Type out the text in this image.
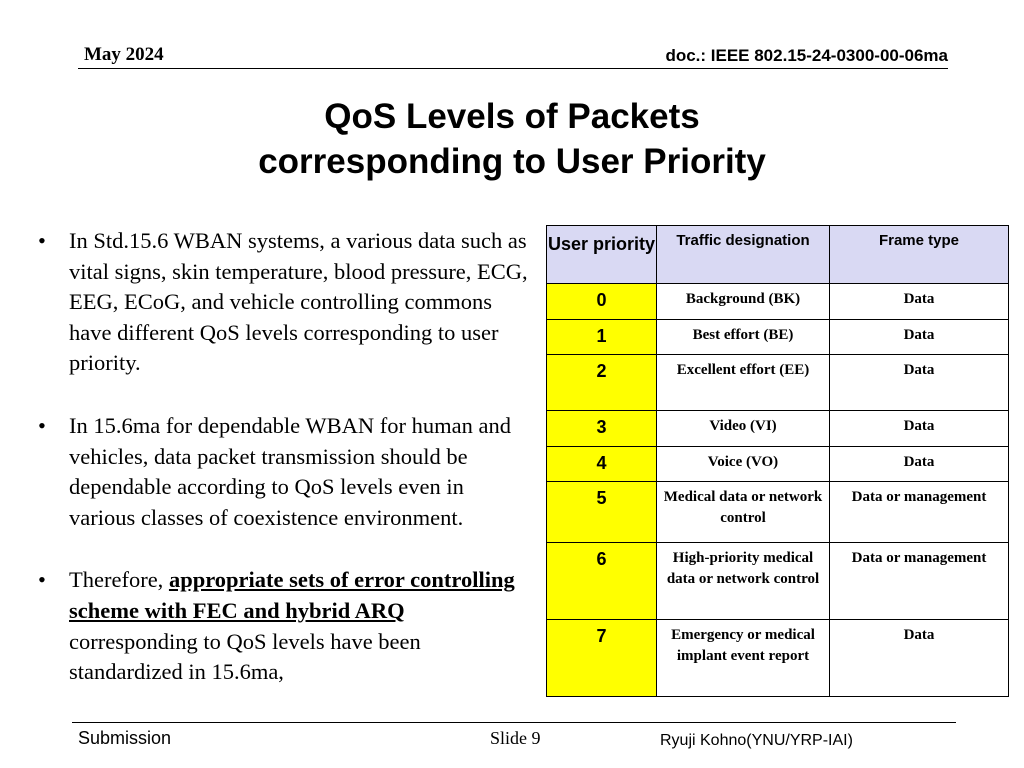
May 2024	doc.: IEEE 802.15-24-0300-00-06ma
QoS Levels of Packets
corresponding to User Priority
•	In Std.15.6 WBAN systems, a various data such as vital signs, skin temperature, blood pressure, ECG, EEG, ECoG, and vehicle controlling commons have different QoS levels corresponding to user priority.
•	In 15.6ma for dependable WBAN for human and vehicles, data packet transmission should be dependable according to QoS levels even in various classes of coexistence environment.
•	Therefore, appropriate sets of error controlling scheme with FEC and hybrid ARQ corresponding to QoS levels have been standardized in 15.6ma,
User priority	Traffic designation	Frame type
0	Background (BK)	Data
1	Best effort (BE)	Data
2	Excellent effort (EE)	Data
3	Video (VI)	Data
4	Voice (VO)	Data
5	Medical data or network control	Data or management
6	High-priority medical data or network control	Data or management
7	Emergency or medical implant event report	Data
Submission	Slide 9	Ryuji Kohno(YNU/YRP-IAI)
